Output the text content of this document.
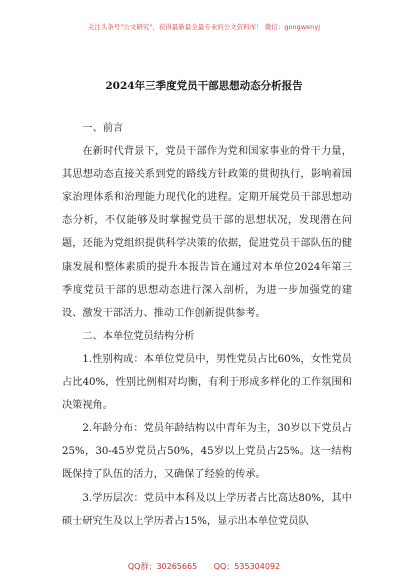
关注头条号"公文研究"，获得最新最全最专业的公文资料库！ 微信：gongwenyj
2024年三季度党员干部思想动态分析报告
一、前言

在新时代背景下，党员干部作为党和国家事业的骨干力量，其思想动态直接关系到党的路线方针政策的贯彻执行，影响着国家治理体系和治理能力现代化的进程。定期开展党员干部思想动态分析，不仅能够及时掌握党员干部的思想状况，发现潜在问题，还能为党组织提供科学决策的依据，促进党员干部队伍的健康发展和整体素质的提升本报告旨在通过对本单位2024年第三季度党员干部的思想动态进行深入剖析，为进一步加强党的建设、激发干部活力、推动工作创新提供参考。

二、本单位党员结构分析

1.性别构成：本单位党员中，男性党员占比60%，女性党员占比40%，性别比例相对均衡，有利于形成多样化的工作氛围和决策视角。

2.年龄分布：党员年龄结构以中青年为主，30岁以下党员占25%，30-45岁党员占50%，45岁以上党员占25%。这一结构既保持了队伍的活力，又确保了经验的传承。

3.学历层次：党员中本科及以上学历者占比高达80%，其中硕士研究生及以上学历者占15%，显示出本单位党员队

QQ群：30265665 QQ：535304092
